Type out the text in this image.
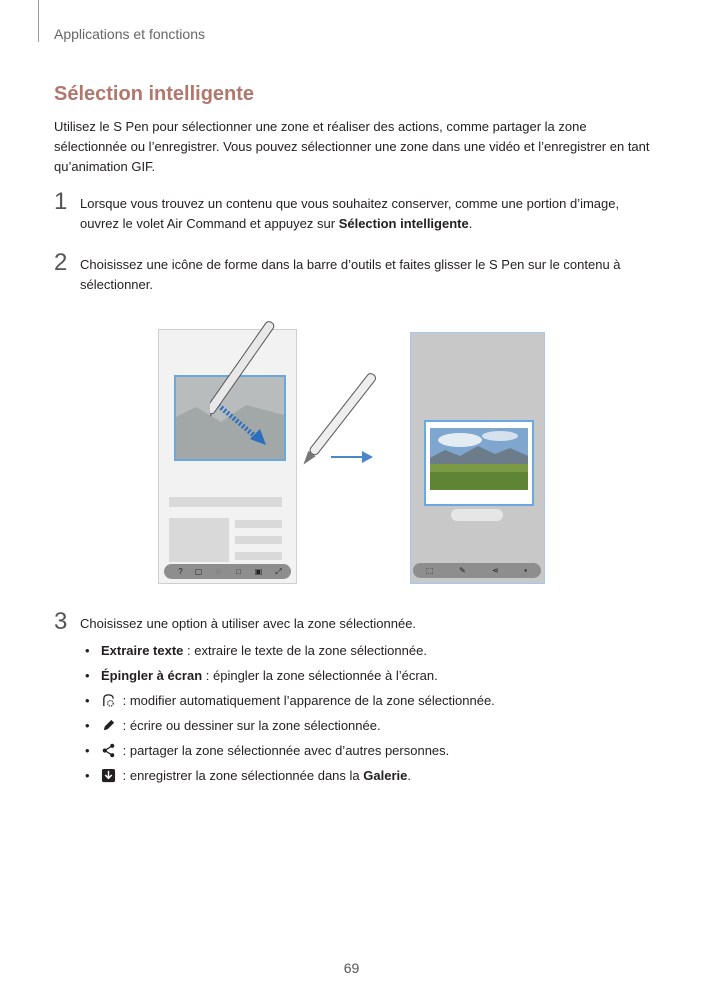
Applications et fonctions
Sélection intelligente
Utilisez le S Pen pour sélectionner une zone et réaliser des actions, comme partager la zone sélectionnée ou l’enregistrer. Vous pouvez sélectionner une zone dans une vidéo et l’enregistrer en tant qu’animation GIF.
1 Lorsque vous trouvez un contenu que vous souhaitez conserver, comme une portion d’image, ouvrez le volet Air Command et appuyez sur Sélection intelligente.
2 Choisissez une icône de forme dans la barre d’outils et faites glisser le S Pen sur le contenu à sélectionner.
? ▢ ◌ □ ▣ ⤢	⬚	✎	⋖	▪
3 Choisissez une option à utiliser avec la zone sélectionnée.
• Extraire texte : extraire le texte de la zone sélectionnée.
• Épingler à écran : épingler la zone sélectionnée à l’écran.
• : modifier automatiquement l’apparence de la zone sélectionnée.
• : écrire ou dessiner sur la zone sélectionnée.
• : partager la zone sélectionnée avec d’autres personnes.
• : enregistrer la zone sélectionnée dans la Galerie.
69
